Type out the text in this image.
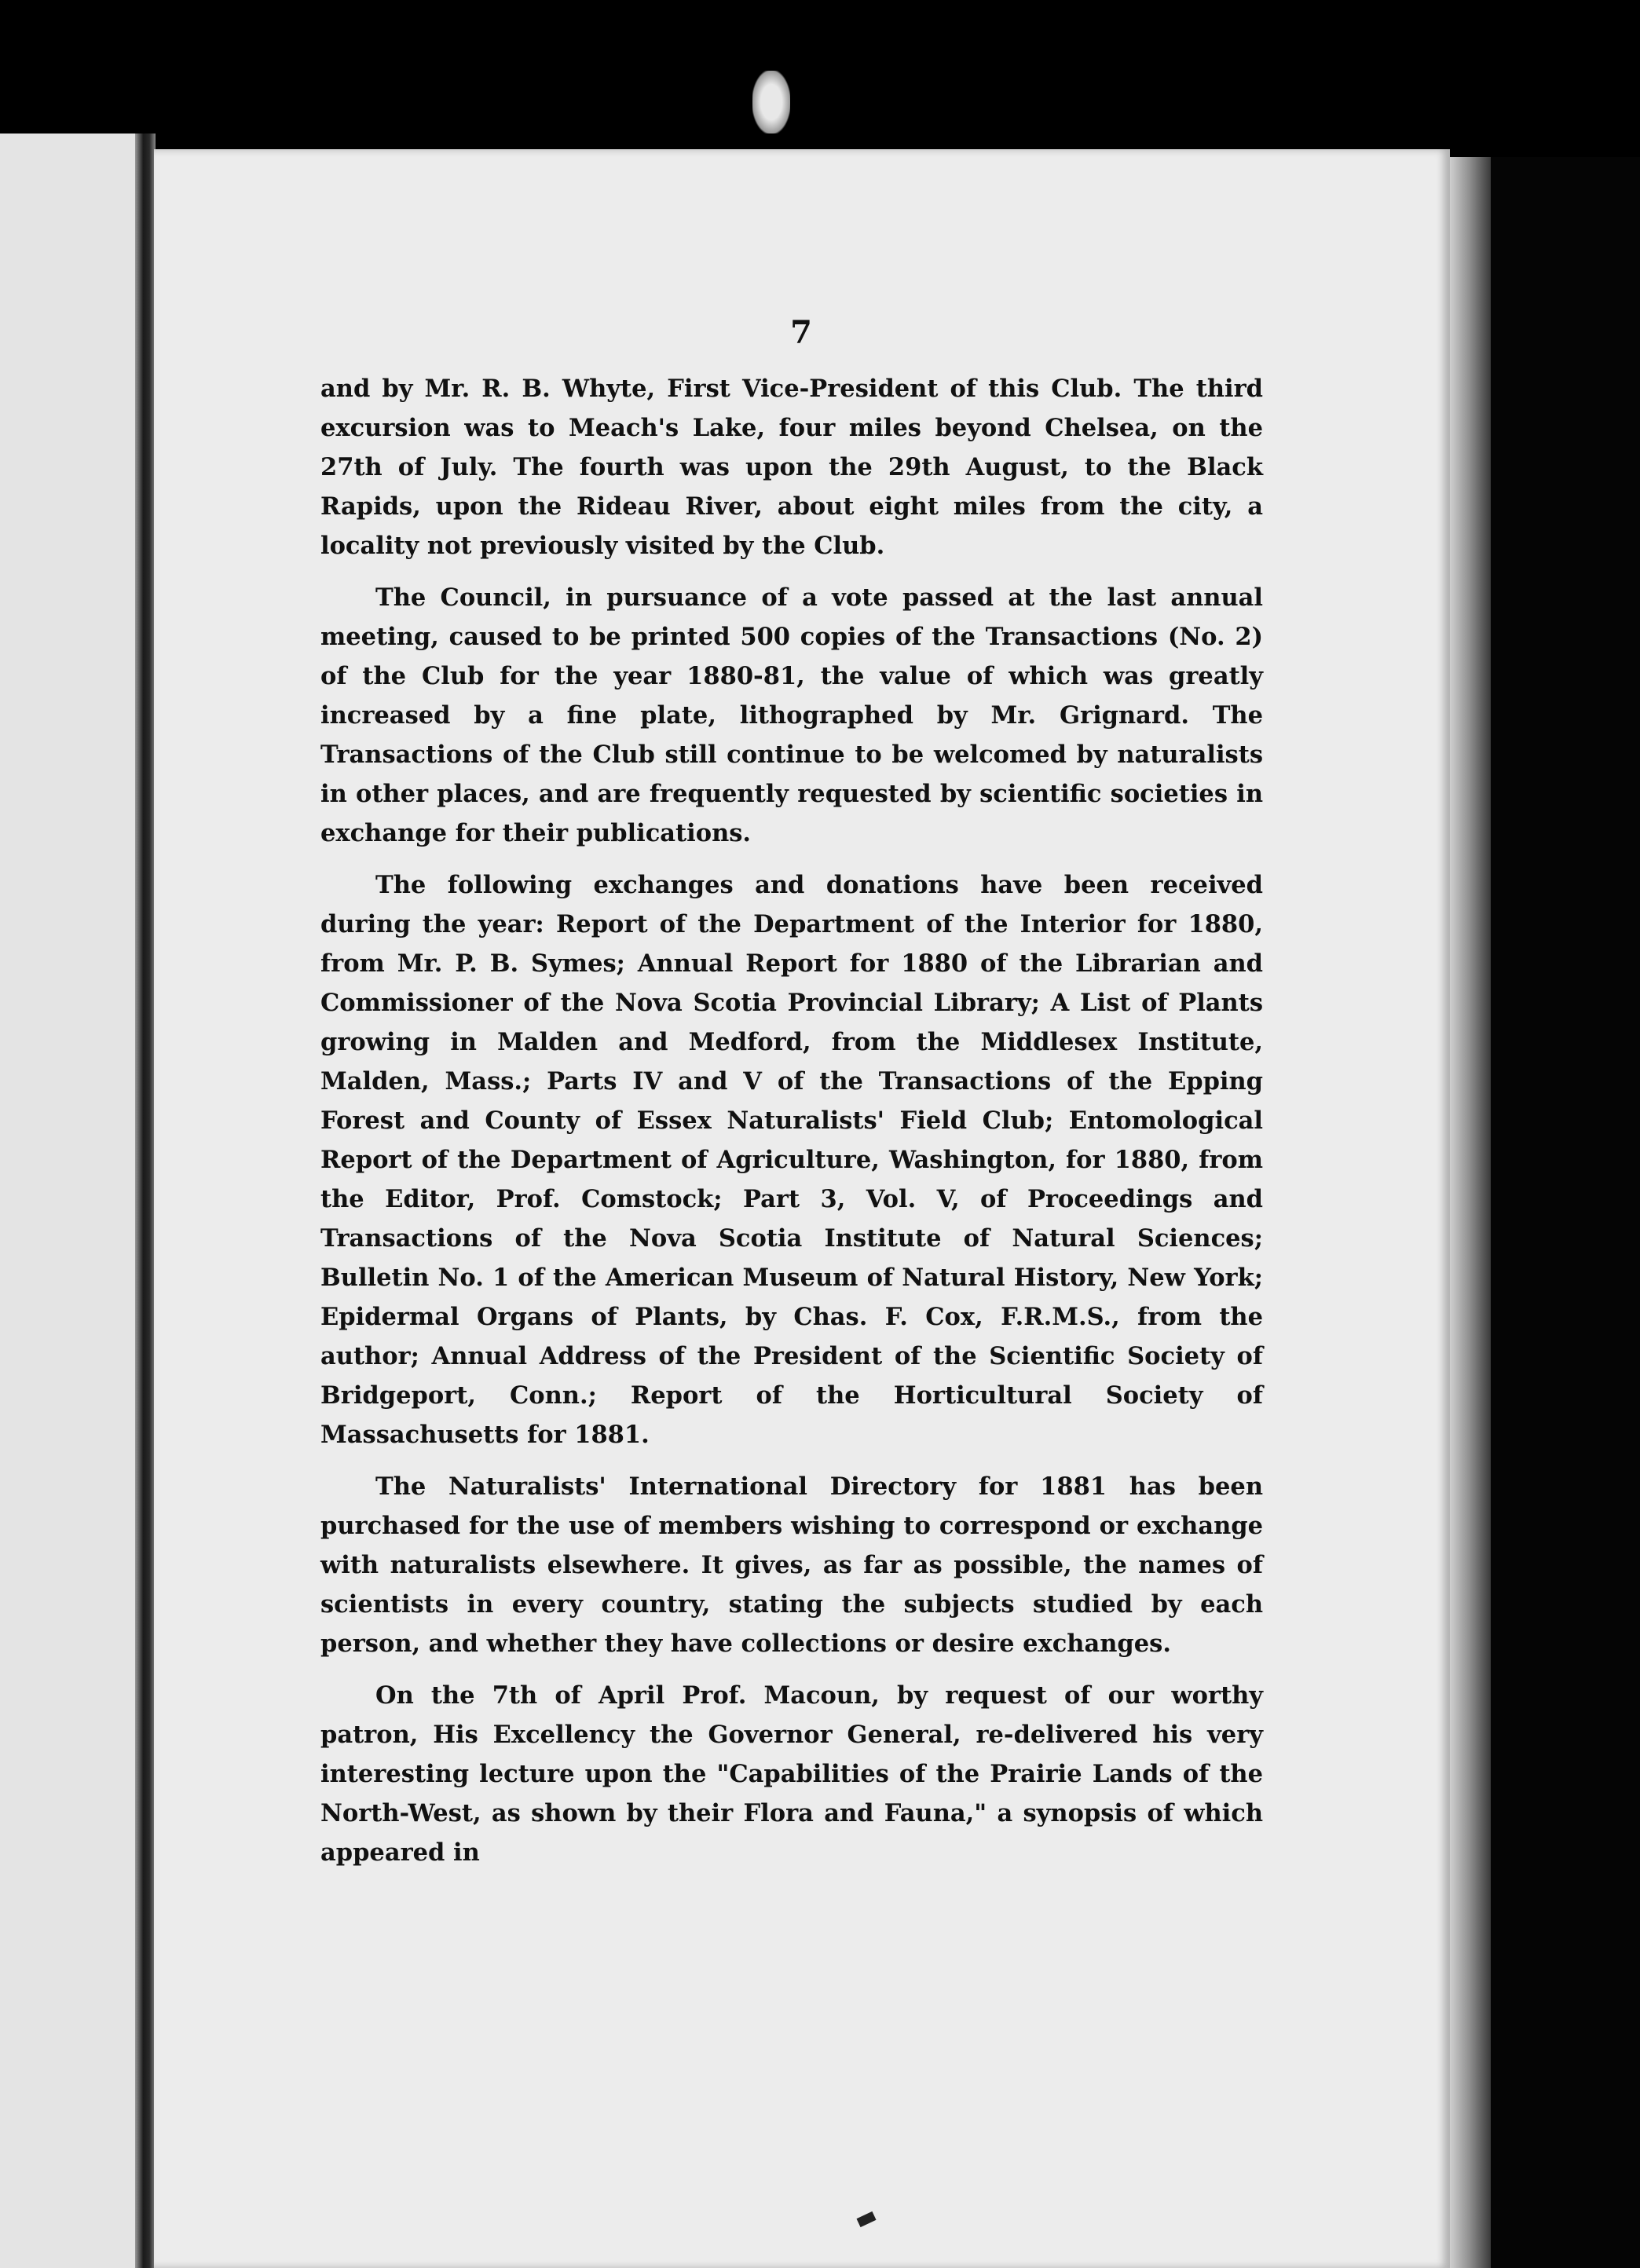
7

and by Mr. R. B. Whyte, First Vice-President of this Club. The third excursion was to Meach's Lake, four miles beyond Chelsea, on the 27th of July. The fourth was upon the 29th August, to the Black Rapids, upon the Rideau River, about eight miles from the city, a locality not previously visited by the Club.

The Council, in pursuance of a vote passed at the last annual meeting, caused to be printed 500 copies of the Transactions (No. 2) of the Club for the year 1880-81, the value of which was greatly increased by a fine plate, lithographed by Mr. Grignard. The Transactions of the Club still continue to be welcomed by naturalists in other places, and are frequently requested by scientific societies in exchange for their publications.

The following exchanges and donations have been received during the year: Report of the Department of the Interior for 1880, from Mr. P. B. Symes; Annual Report for 1880 of the Librarian and Commissioner of the Nova Scotia Provincial Library; A List of Plants growing in Malden and Medford, from the Middlesex Institute, Malden, Mass.; Parts IV and V of the Transactions of the Epping Forest and County of Essex Naturalists' Field Club; Entomological Report of the Department of Agriculture, Washington, for 1880, from the Editor, Prof. Comstock; Part 3, Vol. V, of Proceedings and Transactions of the Nova Scotia Institute of Natural Sciences; Bulletin No. 1 of the American Museum of Natural History, New York; Epidermal Organs of Plants, by Chas. F. Cox, F.R.M.S., from the author; Annual Address of the President of the Scientific Society of Bridgeport, Conn.; Report of the Horticultural Society of Massachusetts for 1881.

The Naturalists' International Directory for 1881 has been purchased for the use of members wishing to correspond or exchange with naturalists elsewhere. It gives, as far as possible, the names of scientists in every country, stating the subjects studied by each person, and whether they have collections or desire exchanges.

On the 7th of April Prof. Macoun, by request of our worthy patron, His Excellency the Governor General, re-delivered his very interesting lecture upon the "Capabilities of the Prairie Lands of the North-West, as shown by their Flora and Fauna," a synopsis of which appeared in
